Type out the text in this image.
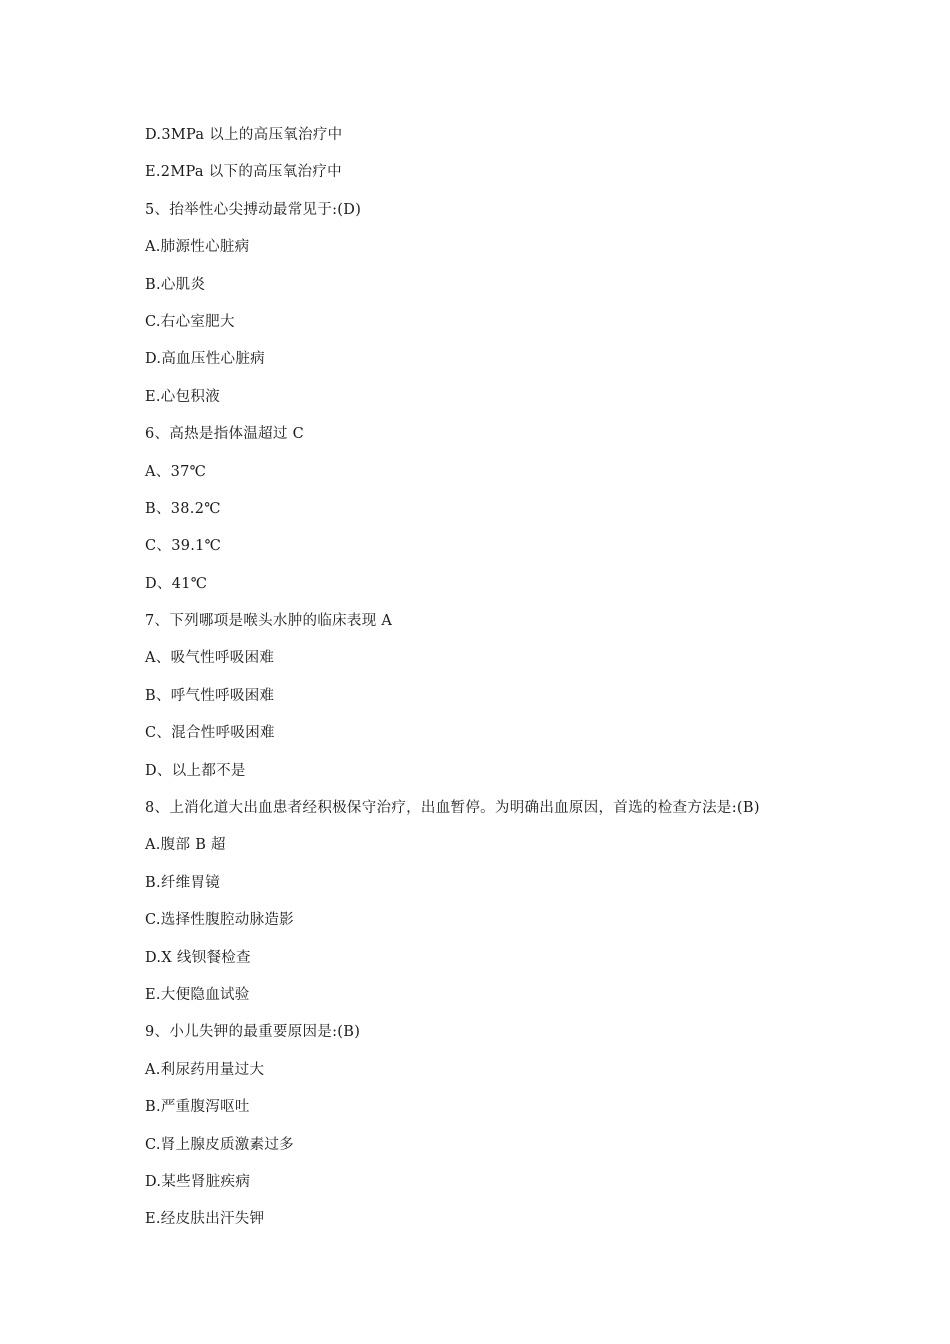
D.3MPa 以上的高压氧治疗中
E.2MPa 以下的高压氧治疗中
5、抬举性心尖搏动最常见于:(D)
A.肺源性心脏病
B.心肌炎
C.右心室肥大
D.高血压性心脏病
E.心包积液
6、高热是指体温超过 C
A、37℃
B、38.2℃
C、39.1℃
D、41℃
7、下列哪项是喉头水肿的临床表现 A
A、吸气性呼吸困难
B、呼气性呼吸困难
C、混合性呼吸困难
D、以上都不是
8、上消化道大出血患者经积极保守治疗，出血暂停。为明确出血原因，首选的检查方法是:(B)
A.腹部 B 超
B.纤维胃镜
C.选择性腹腔动脉造影
D.X 线钡餐检查
E.大便隐血试验
9、小儿失钾的最重要原因是:(B)
A.利尿药用量过大
B.严重腹泻呕吐
C.肾上腺皮质激素过多
D.某些肾脏疾病
E.经皮肤出汗失钾
